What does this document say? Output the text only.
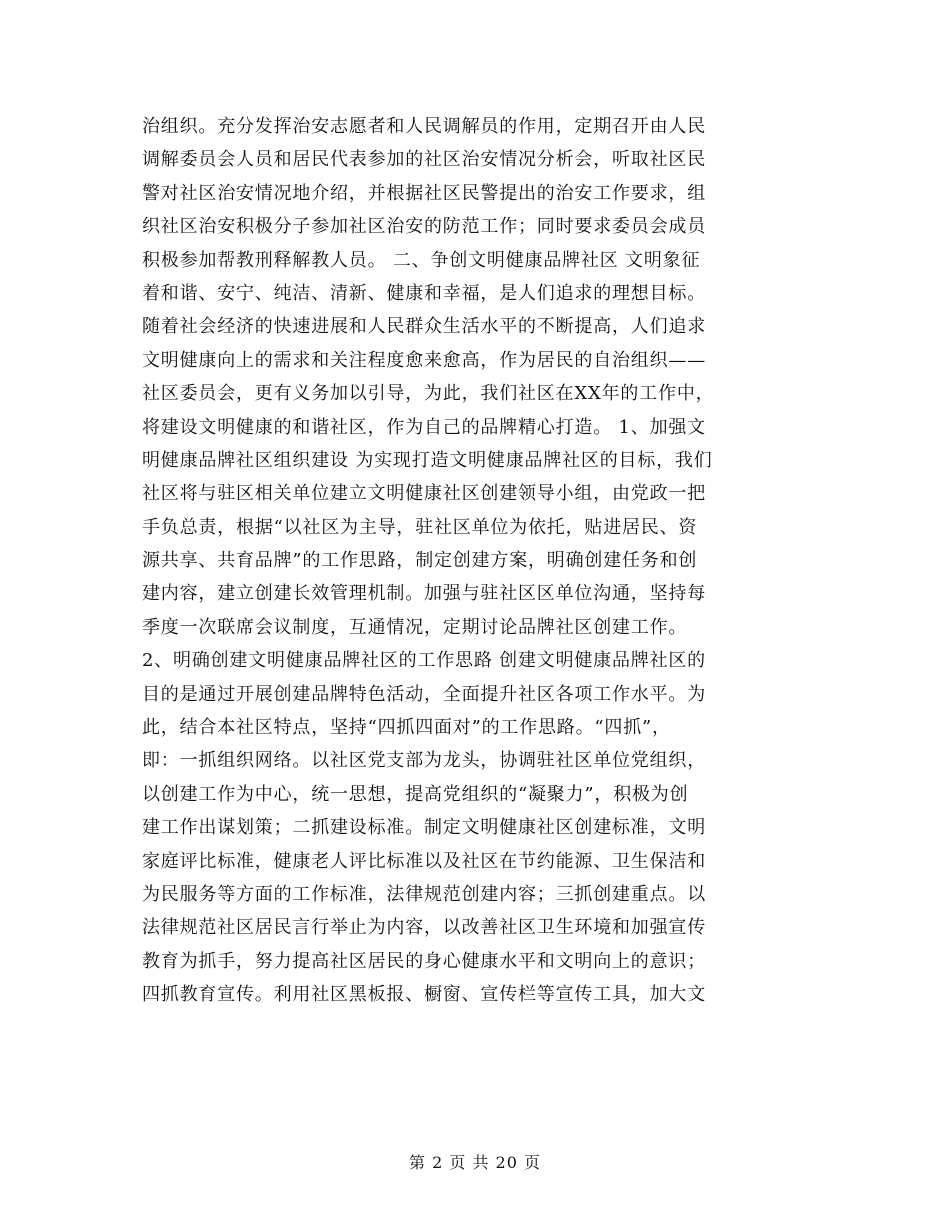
治组织。充分发挥治安志愿者和人民调解员的作用，定期召开由人民
调解委员会人员和居民代表参加的社区治安情况分析会，听取社区民
警对社区治安情况地介绍，并根据社区民警提出的治安工作要求，组
织社区治安积极分子参加社区治安的防范工作；同时要求委员会成员
积极参加帮教刑释解教人员。 二、争创文明健康品牌社区 文明象征
着和谐、安宁、纯洁、清新、健康和幸福，是人们追求的理想目标。
随着社会经济的快速进展和人民群众生活水平的不断提高，人们追求
文明健康向上的需求和关注程度愈来愈高，作为居民的自治组织——
社区委员会，更有义务加以引导，为此，我们社区在XX年的工作中，
将建设文明健康的和谐社区，作为自己的品牌精心打造。 1、加强文
明健康品牌社区组织建设 为实现打造文明健康品牌社区的目标，我们
社区将与驻区相关单位建立文明健康社区创建领导小组，由党政一把
手负总责，根据“以社区为主导，驻社区单位为依托，贴进居民、资
源共享、共育品牌”的工作思路，制定创建方案，明确创建任务和创
建内容，建立创建长效管理机制。加强与驻社区区单位沟通，坚持每
季度一次联席会议制度，互通情况，定期讨论品牌社区创建工作。
2、明确创建文明健康品牌社区的工作思路 创建文明健康品牌社区的
目的是通过开展创建品牌特色活动，全面提升社区各项工作水平。为
此，结合本社区特点，坚持“四抓四面对”的工作思路。“四抓”，
即：一抓组织网络。以社区党支部为龙头，协调驻社区单位党组织，
以创建工作为中心，统一思想，提高党组织的“凝聚力”，积极为创
建工作出谋划策；二抓建设标准。制定文明健康社区创建标准，文明
家庭评比标准，健康老人评比标准以及社区在节约能源、卫生保洁和
为民服务等方面的工作标准，法律规范创建内容；三抓创建重点。以
法律规范社区居民言行举止为内容，以改善社区卫生环境和加强宣传
教育为抓手，努力提高社区居民的身心健康水平和文明向上的意识；
四抓教育宣传。利用社区黑板报、橱窗、宣传栏等宣传工具，加大文
第 2 页 共 20 页
